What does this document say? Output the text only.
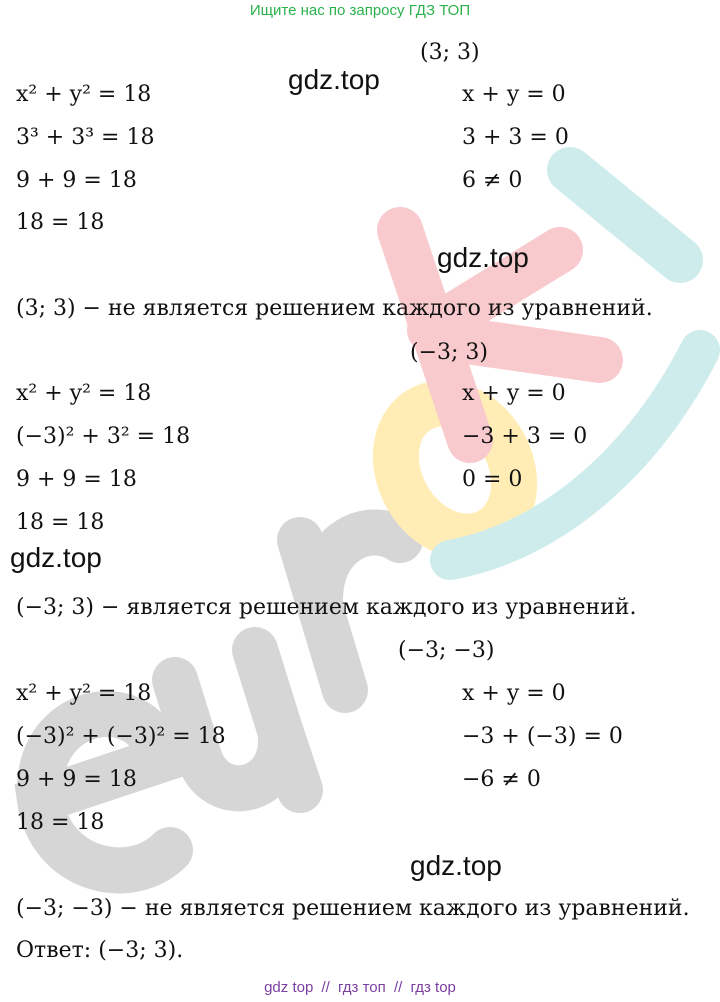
Ищите нас по запросу ГДЗ ТОП
gdz.top
gdz.top
gdz.top
gdz.top
(3; 3)
x² + y² = 18
3³ + 3³ = 18
9 + 9 = 18
18 = 18
x + y = 0
3 + 3 = 0
6 ≠ 0
(3; 3) − не является решением каждого из уравнений.
(−3; 3)
x² + y² = 18
(−3)² + 3² = 18
9 + 9 = 18
18 = 18
x + y = 0
−3 + 3 = 0
0 = 0
(−3; 3) − является решением каждого из уравнений.
(−3; −3)
x² + y² = 18
(−3)² + (−3)² = 18
9 + 9 = 18
18 = 18
x + y = 0
−3 + (−3) = 0
−6 ≠ 0
(−3; −3) − не является решением каждого из уравнений.
Ответ: (−3; 3).
gdz top // гдз топ // гдз top
